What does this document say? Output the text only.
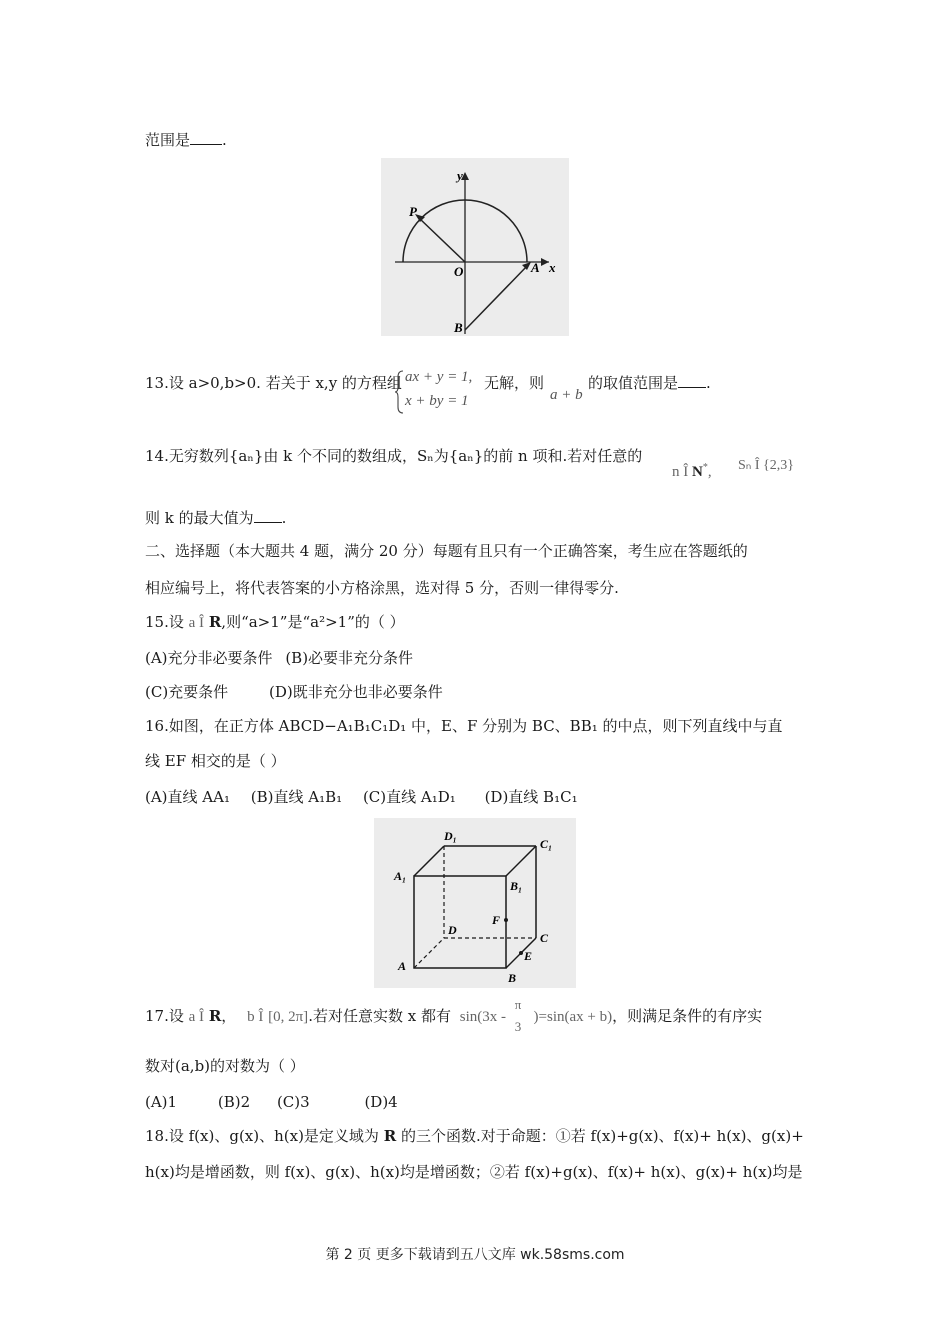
范围是 .
y
x
P
O	A
B
13.设 a>0,b>0. 若关于 x,y 的方程组 ax + y = 1,
x + by = 1
无解，则
a + b
的取值范围是 .
14.无穷数列{aₙ}由 k 个不同的数组成，Sₙ为{aₙ}的前 n 项和.若对任意的
n Î N*, Sₙ Î {2,3}
则 k 的最大值为 .
二、选择题（本大题共 4 题，满分 20 分）每题有且只有一个正确答案，考生应在答题纸的
相应编号上，将代表答案的小方格涂黑，选对得 5 分，否则一律得零分.
15.设 a Î R,则“a>1”是“a²>1”的（ ）
(A)充分非必要条件 (B)必要非充分条件
(C)充要条件	(D)既非充分也非必要条件
16.如图，在正方体 ABCD−A₁B₁C₁D₁ 中，E、F 分别为 BC、BB₁ 的中点，则下列直线中与直
线 EF 相交的是（ ）
(A)直线 AA₁ (B)直线 A₁B₁ (C)直线 A₁D₁ (D)直线 B₁C₁
D₁
C₁
A₁
B₁
F
D
C
A
E
B
17.设 a Î R， b Î [0, 2π].若对任意实数 x 都有 sin(3x -
π
3
)=sin(ax + b)，则满足条件的有序实
数对(a,b)的对数为（ ）
(A)1	(B)2 (C)3	(D)4
18.设 f(x)、g(x)、h(x)是定义域为 R 的三个函数.对于命题：①若 f(x)+g(x)、f(x)+ h(x)、g(x)+
h(x)均是增函数，则 f(x)、g(x)、h(x)均是增函数；②若 f(x)+g(x)、f(x)+ h(x)、g(x)+ h(x)均是
第 2 页 更多下载请到五八文库 wk.58sms.com
